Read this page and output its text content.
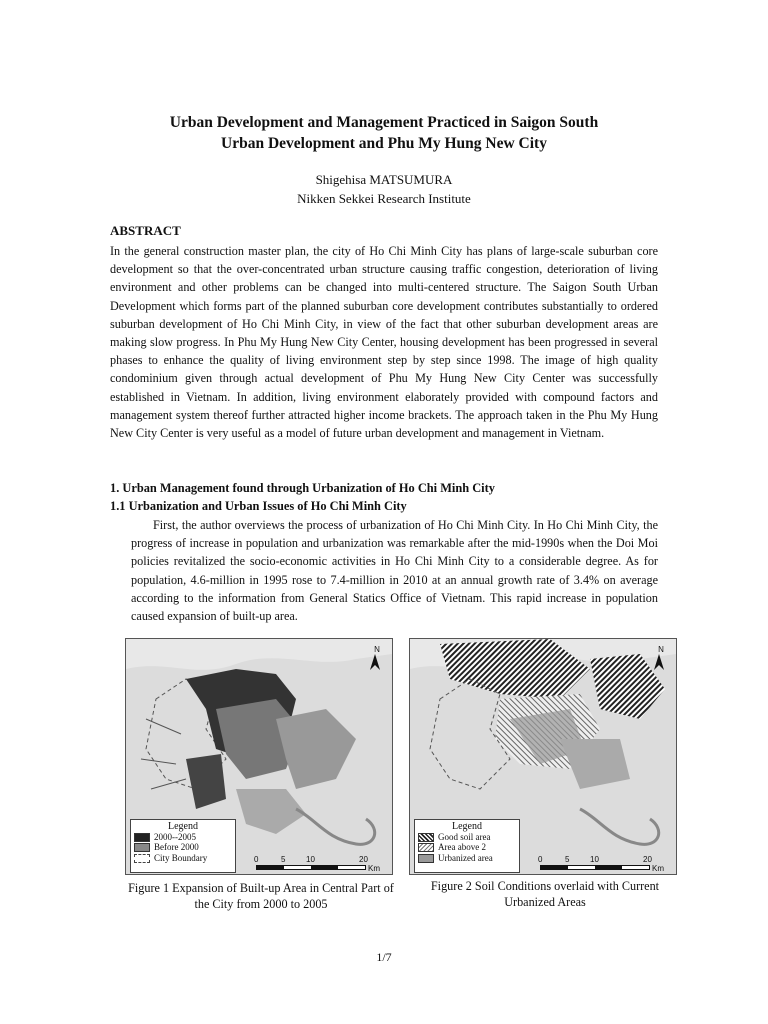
Urban Development and Management Practiced in Saigon South
Urban Development and Phu My Hung New City
Shigehisa MATSUMURA
Nikken Sekkei Research Institute
ABSTRACT

In the general construction master plan, the city of Ho Chi Minh City has plans of large-scale suburban core development so that the over-concentrated urban structure causing traffic congestion, deterioration of living environment and other problems can be changed into multi-centered structure. The Saigon South Urban Development which forms part of the planned suburban core development contributes substantially to ordered suburban development of Ho Chi Minh City, in view of the fact that other suburban development areas are making slow progress. In Phu My Hung New City Center, housing development has been progressed in several phases to enhance the quality of living environment step by step since 1998. The image of high quality condominium given through actual development of Phu My Hung New City Center was successfully established in Vietnam. In addition, living environment elaborately provided with compound factors and management system thereof further attracted higher income brackets. The approach taken in the Phu My Hung New City Center is very useful as a model of future urban development and management in Vietnam.

1. Urban Management found through Urbanization of Ho Chi Minh City
1.1 Urbanization and Urban Issues of Ho Chi Minh City

First, the author overviews the process of urbanization of Ho Chi Minh City. In Ho Chi Minh City, the progress of increase in population and urbanization was remarkable after the mid-1990s when the Doi Moi policies revitalized the socio-economic activities in Ho Chi Minh City to a considerable degree. As for population, 4.6-million in 1995 rose to 7.4-million in 2010 at an annual growth rate of 3.4% on average according to the information from General Statics Office of Vietnam. This rapid increase in population caused expansion of built-up area.

N
Legend
2000--2005
Before 2000
City Boundary	0	5	10	20
Km
N
Legend
Good soil area
Area above 2
Urbanized area	0	5	10	20
Km
Figure 1 Expansion of Built-up Area in Central Part of the City from 2000 to 2005
Figure 2 Soil Conditions overlaid with Current Urbanized Areas
1/7
